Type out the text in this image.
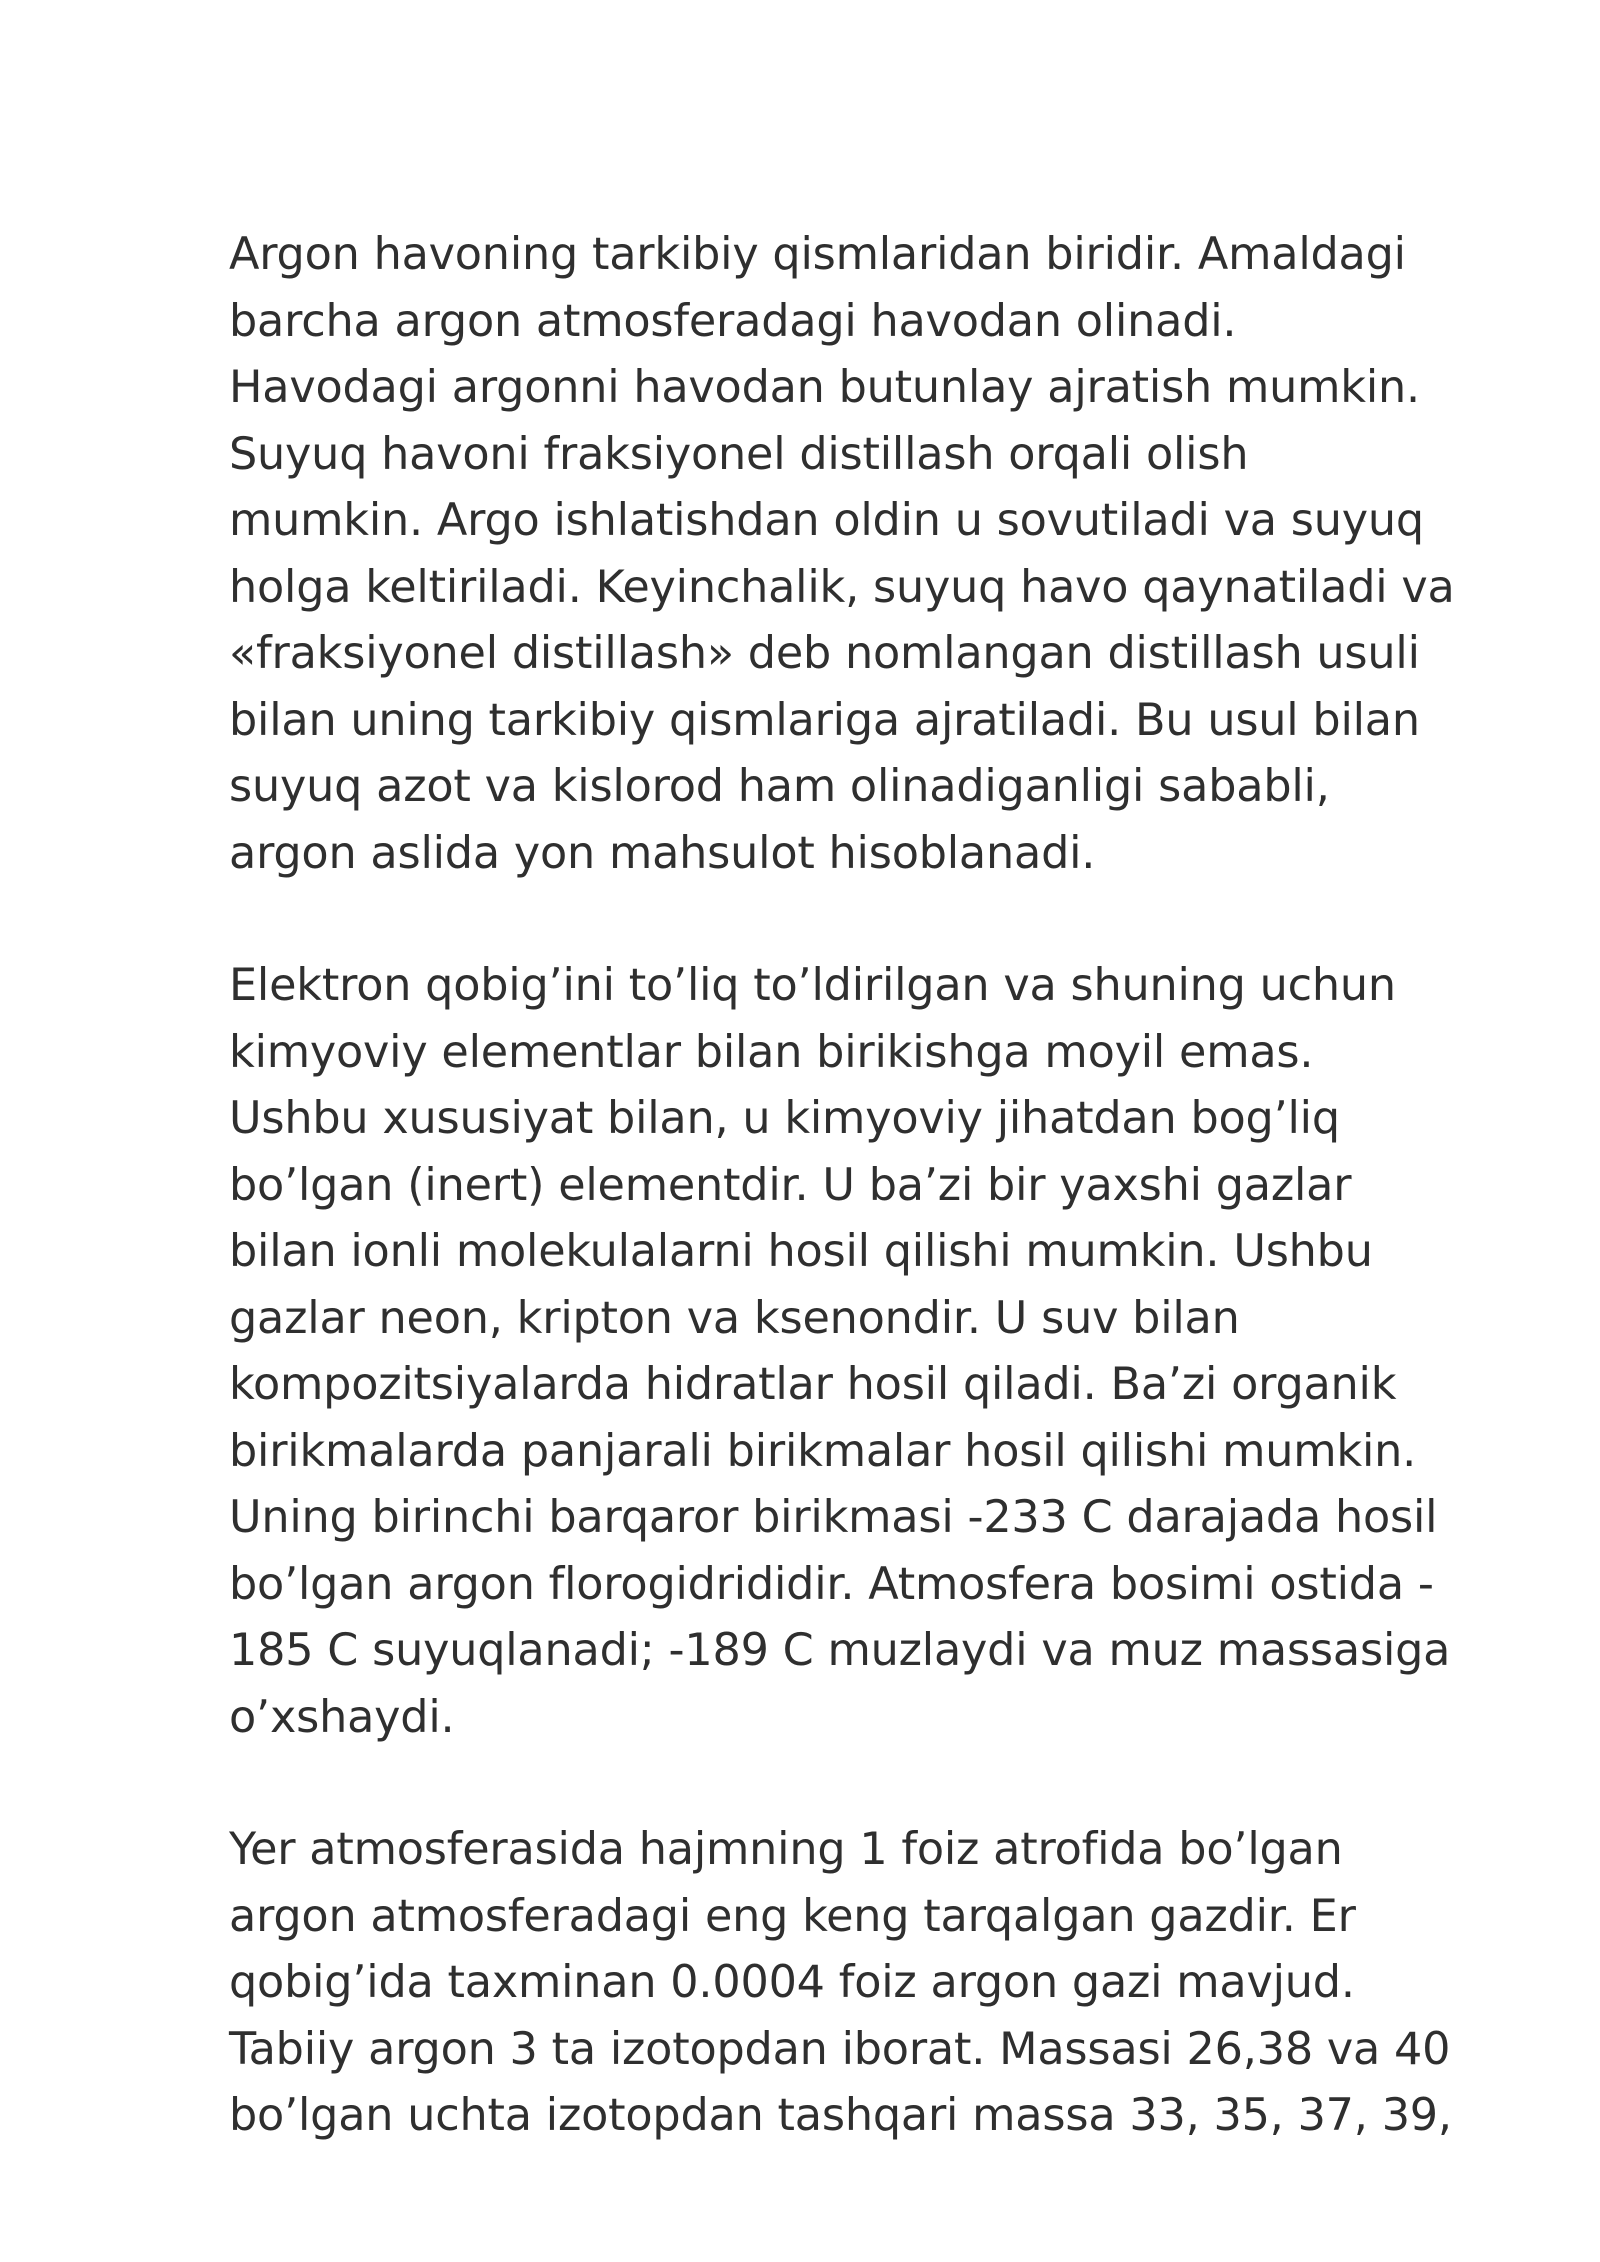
Argon havoning tarkibiy qismlaridan biridir. Amaldagi
barcha argon atmosferadagi havodan olinadi.
Havodagi argonni havodan butunlay ajratish mumkin.
Suyuq havoni fraksiyonel distillash orqali olish
mumkin. Argo ishlatishdan oldin u sovutiladi va suyuq
holga keltiriladi. Keyinchalik, suyuq havo qaynatiladi va
«fraksiyonel distillash» deb nomlangan distillash usuli
bilan uning tarkibiy qismlariga ajratiladi. Bu usul bilan
suyuq azot va kislorod ham olinadiganligi sababli,
argon aslida yon mahsulot hisoblanadi.

Elektron qobig’ini to’liq to’ldirilgan va shuning uchun
kimyoviy elementlar bilan birikishga moyil emas.
Ushbu xususiyat bilan, u kimyoviy jihatdan bog’liq
bo’lgan (inert) elementdir. U ba’zi bir yaxshi gazlar
bilan ionli molekulalarni hosil qilishi mumkin. Ushbu
gazlar neon, kripton va ksenondir. U suv bilan
kompozitsiyalarda hidratlar hosil qiladi. Ba’zi organik
birikmalarda panjarali birikmalar hosil qilishi mumkin.
Uning birinchi barqaror birikmasi -233 C darajada hosil
bo’lgan argon florogidrididir. Atmosfera bosimi ostida -
185 C suyuqlanadi; -189 C muzlaydi va muz massasiga
o’xshaydi.

Yer atmosferasida hajmning 1 foiz atrofida bo’lgan
argon atmosferadagi eng keng tarqalgan gazdir. Er
qobig’ida taxminan 0.0004 foiz argon gazi mavjud.
Tabiiy argon 3 ta izotopdan iborat. Massasi 26,38 va 40
bo’lgan uchta izotopdan tashqari massa 33, 35, 37, 39,
